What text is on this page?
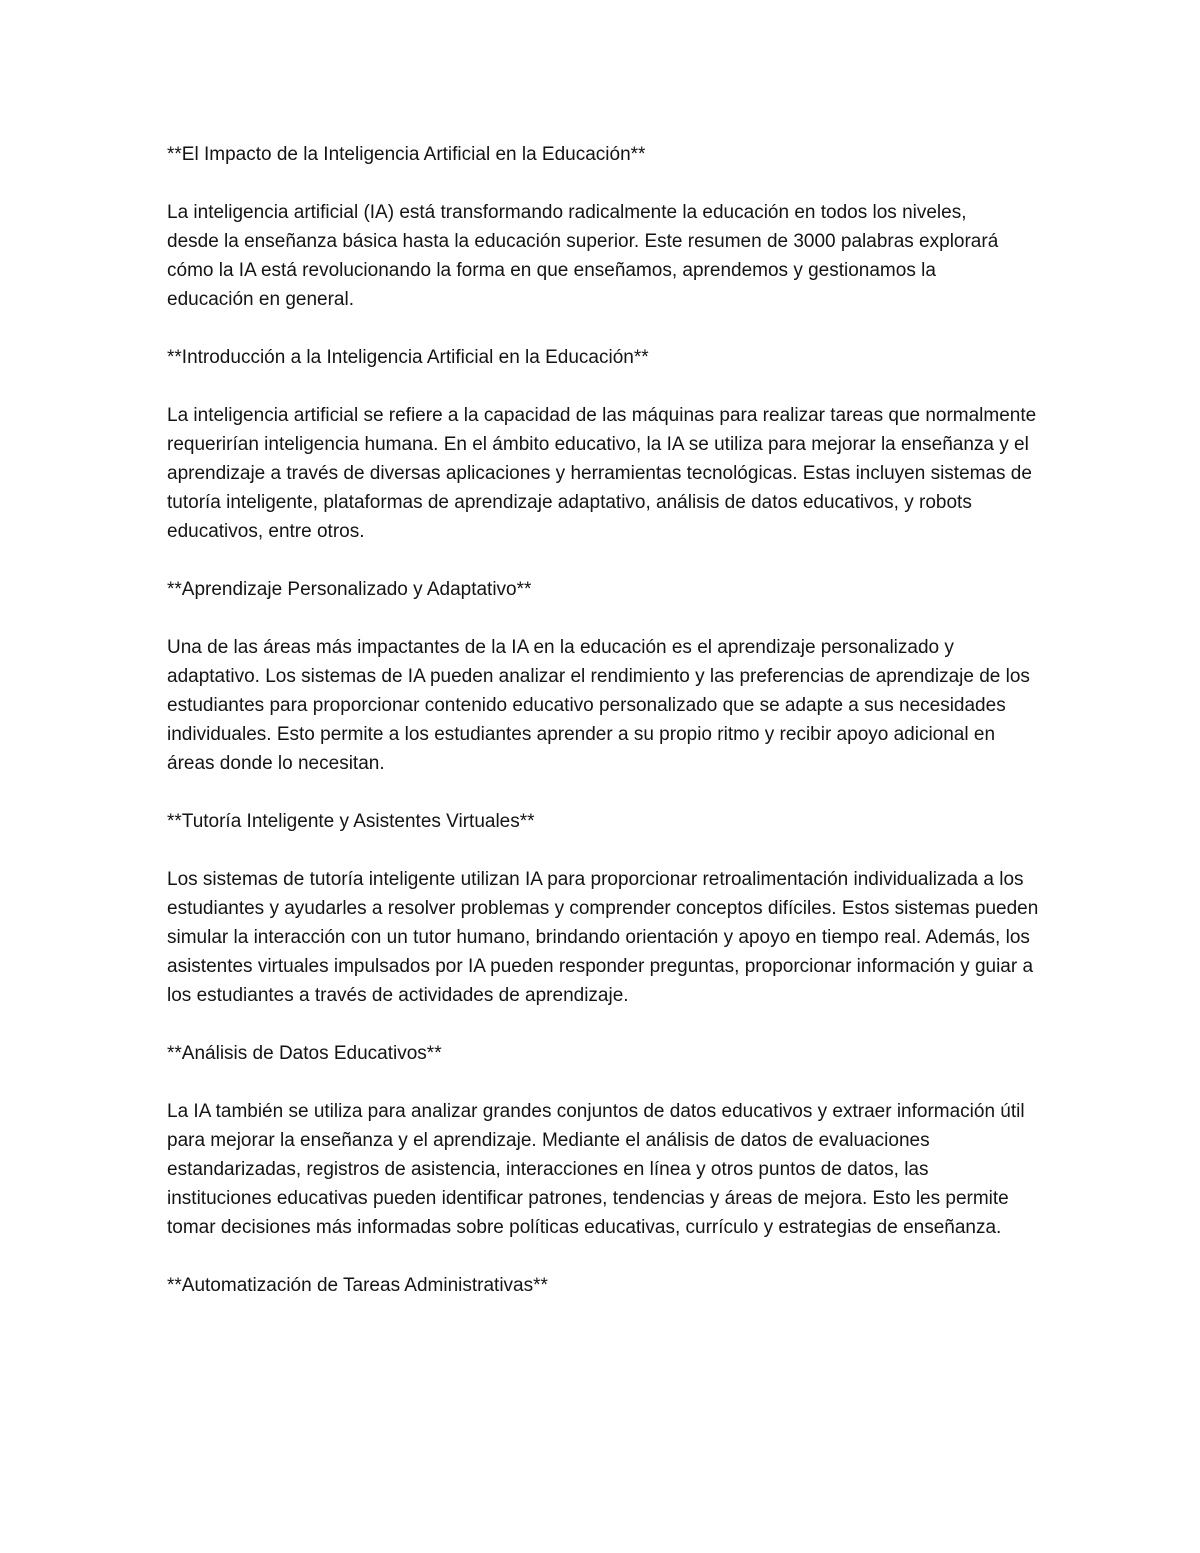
**El Impacto de la Inteligencia Artificial en la Educación**

La inteligencia artificial (IA) está transformando radicalmente la educación en todos los niveles, desde la enseñanza básica hasta la educación superior. Este resumen de 3000 palabras explorará cómo la IA está revolucionando la forma en que enseñamos, aprendemos y gestionamos la educación en general.

**Introducción a la Inteligencia Artificial en la Educación**

La inteligencia artificial se refiere a la capacidad de las máquinas para realizar tareas que normalmente requerirían inteligencia humana. En el ámbito educativo, la IA se utiliza para mejorar la enseñanza y el aprendizaje a través de diversas aplicaciones y herramientas tecnológicas. Estas incluyen sistemas de tutoría inteligente, plataformas de aprendizaje adaptativo, análisis de datos educativos, y robots educativos, entre otros.

**Aprendizaje Personalizado y Adaptativo**

Una de las áreas más impactantes de la IA en la educación es el aprendizaje personalizado y adaptativo. Los sistemas de IA pueden analizar el rendimiento y las preferencias de aprendizaje de los estudiantes para proporcionar contenido educativo personalizado que se adapte a sus necesidades individuales. Esto permite a los estudiantes aprender a su propio ritmo y recibir apoyo adicional en áreas donde lo necesitan.

**Tutoría Inteligente y Asistentes Virtuales**

Los sistemas de tutoría inteligente utilizan IA para proporcionar retroalimentación individualizada a los estudiantes y ayudarles a resolver problemas y comprender conceptos difíciles. Estos sistemas pueden simular la interacción con un tutor humano, brindando orientación y apoyo en tiempo real. Además, los asistentes virtuales impulsados por IA pueden responder preguntas, proporcionar información y guiar a los estudiantes a través de actividades de aprendizaje.

**Análisis de Datos Educativos**

La IA también se utiliza para analizar grandes conjuntos de datos educativos y extraer información útil para mejorar la enseñanza y el aprendizaje. Mediante el análisis de datos de evaluaciones estandarizadas, registros de asistencia, interacciones en línea y otros puntos de datos, las instituciones educativas pueden identificar patrones, tendencias y áreas de mejora. Esto les permite tomar decisiones más informadas sobre políticas educativas, currículo y estrategias de enseñanza.

**Automatización de Tareas Administrativas**
